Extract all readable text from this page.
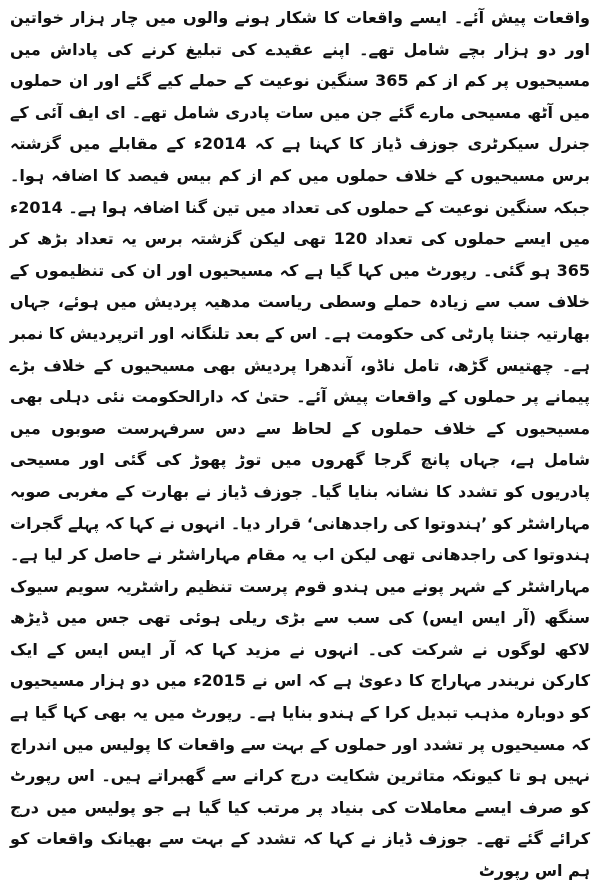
واقعات پیش آئے۔ ایسے واقعات کا شکار ہونے والوں میں چار ہزار خواتین اور دو ہزار بچے شامل تھے۔ اپنے عقیدے کی تبلیغ کرنے کی پاداش میں مسیحیوں پر کم از کم 365 سنگین نوعیت کے حملے کیے گئے اور ان حملوں میں آٹھ مسیحی مارے گئے جن میں سات پادری شامل تھے۔ ای ایف آئی کے جنرل سیکرٹری جوزف ڈیاز کا کہنا ہے کہ 2014ء کے مقابلے میں گزشتہ برس مسیحیوں کے خلاف حملوں میں کم از کم بیس فیصد کا اضافہ ہوا۔ جبکہ سنگین نوعیت کے حملوں کی تعداد میں تین گنا اضافہ ہوا ہے۔ 2014ء میں ایسے حملوں کی تعداد 120 تھی لیکن گزشتہ برس یہ تعداد بڑھ کر 365 ہو گئی۔ رپورٹ میں کہا گیا ہے کہ مسیحیوں اور ان کی تنظیموں کے خلاف سب سے زیادہ حملے وسطی ریاست مدھیہ پردیش میں ہوئے، جہاں بھارتیہ جنتا پارٹی کی حکومت ہے۔ اس کے بعد تلنگانہ اور اترپردیش کا نمبر ہے۔ چھتیس گڑھ، تامل ناڈو، آندھرا پردیش بھی مسیحیوں کے خلاف بڑے پیمانے پر حملوں کے واقعات پیش آئے۔ حتیٰ کہ دارالحکومت نئی دہلی بھی مسیحیوں کے خلاف حملوں کے لحاظ سے دس سرفہرست صوبوں میں شامل ہے، جہاں پانچ گرجا گھروں میں توڑ پھوڑ کی گئی اور مسیحی پادریوں کو تشدد کا نشانہ بنایا گیا۔ جوزف ڈیاز نے بھارت کے مغربی صوبہ مہاراشٹر کو ’ہندوتوا کی راجدھانی‘ قرار دیا۔ انہوں نے کہا کہ پہلے گجرات ہندوتوا کی راجدھانی تھی لیکن اب یہ مقام مہاراشٹر نے حاصل کر لیا ہے۔ مہاراشٹر کے شہر پونے میں ہندو قوم پرست تنظیم راشٹریہ سویم سیوک سنگھ (آر ایس ایس) کی سب سے بڑی ریلی ہوئی تھی جس میں ڈیڑھ لاکھ لوگوں نے شرکت کی۔ انہوں نے مزید کہا کہ آر ایس ایس کے ایک کارکن نریندر مہاراج کا دعویٰ ہے کہ اس نے 2015ء میں دو ہزار مسیحیوں کو دوبارہ مذہب تبدیل کرا کے ہندو بنایا ہے۔ رپورٹ میں یہ بھی کہا گیا ہے کہ مسیحیوں پر تشدد اور حملوں کے بہت سے واقعات کا پولیس میں اندراج نہیں ہو تا کیونکہ متاثرین شکایت درج کرانے سے گھبراتے ہیں۔ اس رپورٹ کو صرف ایسے معاملات کی بنیاد پر مرتب کیا گیا ہے جو پولیس میں درج کرائے گئے تھے۔ جوزف ڈیاز نے کہا کہ تشدد کے بہت سے بھیانک واقعات کو ہم اس رپورٹ
